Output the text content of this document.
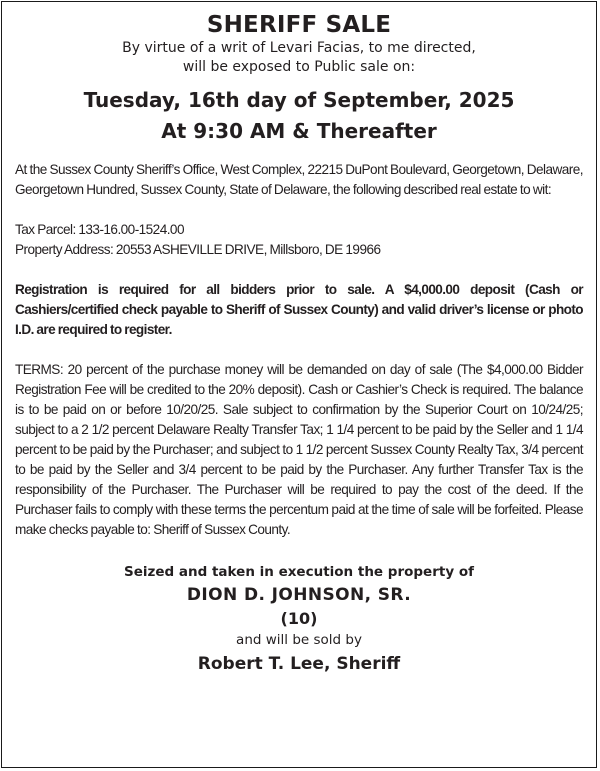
SHERIFF SALE

By virtue of a writ of Levari Facias, to me directed,

will be exposed to Public sale on:

Tuesday, 16th day of September, 2025

At 9:30 AM & Thereafter

At the Sussex County Sheriff’s Office, West Complex, 22215 DuPont Boulevard, Georgetown, Delaware, Georgetown Hundred, Sussex County, State of Delaware, the following described real estate to wit:

Tax Parcel: 133-16.00-1524.00

Property Address: 20553 ASHEVILLE DRIVE, Millsboro, DE 19966

Registration is required for all bidders prior to sale. A $4,000.00 deposit (Cash or Cashiers/certified check payable to Sheriff of Sussex County) and valid driver’s license or photo I.D. are required to register.

TERMS: 20 percent of the purchase money will be demanded on day of sale (The $4,000.00 Bidder Registration Fee will be credited to the 20% deposit). Cash or Cashier’s Check is required. The balance is to be paid on or before 10/20/25. Sale subject to confirmation by the Superior Court on 10/24/25; subject to a 2 1/2 percent Delaware Realty Transfer Tax; 1 1/4 percent to be paid by the Seller and 1 1/4 percent to be paid by the Purchaser; and subject to 1 1/2 percent Sussex County Realty Tax, 3/4 percent to be paid by the Seller and 3/4 percent to be paid by the Purchaser. Any further Transfer Tax is the responsibility of the Purchaser. The Purchaser will be required to pay the cost of the deed. If the Purchaser fails to comply with these terms the percentum paid at the time of sale will be forfeited. Please make checks payable to: Sheriff of Sussex County.

Seized and taken in execution the property of

DION D. JOHNSON, SR.

(10)

and will be sold by

Robert T. Lee, Sheriff
